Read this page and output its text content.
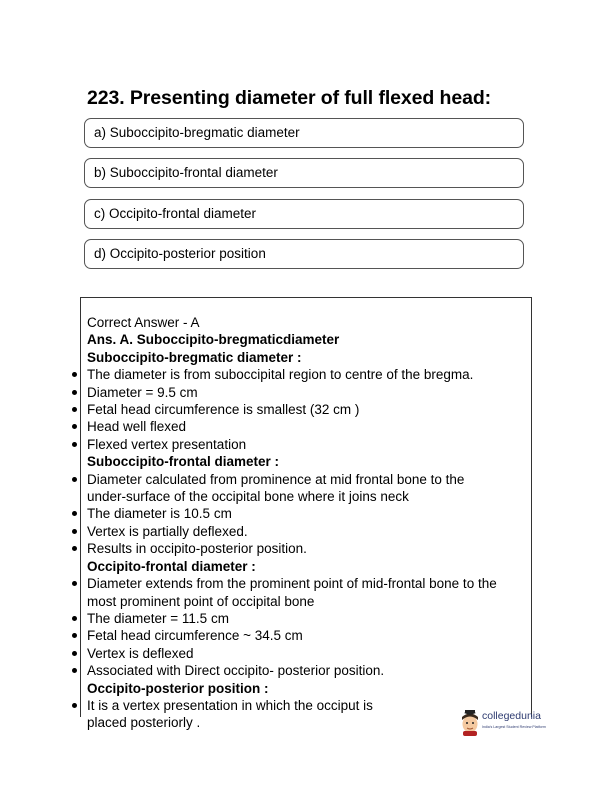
223. Presenting diameter of full flexed head:
a) Suboccipito-bregmatic diameter
b) Suboccipito-frontal diameter
c) Occipito-frontal diameter
d) Occipito-posterior position
Correct Answer - A
Ans. A. Suboccipito-bregmaticdiameter
Suboccipito-bregmatic diameter :
The diameter is from suboccipital region to centre of the bregma.
Diameter = 9.5 cm
Fetal head circumference is smallest (32 cm )
Head well flexed
Flexed vertex presentation
Suboccipito-frontal diameter :
Diameter calculated from prominence at mid frontal bone to the
under-surface of the occipital bone where it joins neck
The diameter is 10.5 cm
Vertex is partially deflexed.
Results in occipito-posterior position.
Occipito-frontal diameter :
Diameter extends from the prominent point of mid-frontal bone to the
most prominent point of occipital bone
The diameter = 11.5 cm
Fetal head circumference ~ 34.5 cm
Vertex is deflexed
Associated with Direct occipito- posterior position.
Occipito-posterior position :
It is a vertex presentation in which the occiput is
placed posteriorly .	collegedunia
India's Largest Student Review Platform
